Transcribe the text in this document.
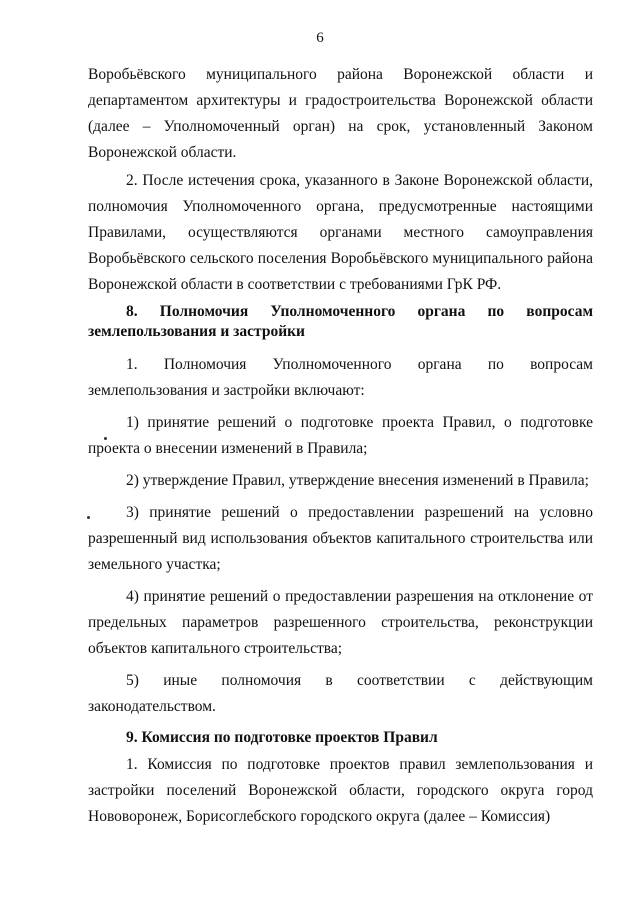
6

Воробьёвского муниципального района Воронежской области и департаментом архитектуры и градостроительства Воронежской области (далее – Уполномоченный орган) на срок, установленный Законом Воронежской области.

2. После истечения срока, указанного в Законе Воронежской области, полномочия Уполномоченного органа, предусмотренные настоящими Правилами, осуществляются органами местного самоуправления Воробьёвского сельского поселения Воробьёвского муниципального района Воронежской области в соответствии с требованиями ГрК РФ.

8. Полномочия Уполномоченного органа по вопросам землепользования и застройки

1. Полномочия Уполномоченного органа по вопросам землепользования и застройки включают:

1) принятие решений о подготовке проекта Правил, о подготовке проекта о внесении изменений в Правила;

2) утверждение Правил, утверждение внесения изменений в Правила;

3) принятие решений о предоставлении разрешений на условно разрешенный вид использования объектов капитального строительства или земельного участка;

4) принятие решений о предоставлении разрешения на отклонение от предельных параметров разрешенного строительства, реконструкции объектов капитального строительства;

5) иные полномочия в соответствии с действующим законодательством.

9. Комиссия по подготовке проектов Правил

1. Комиссия по подготовке проектов правил землепользования и застройки поселений Воронежской области, городского округа город Нововоронеж, Борисоглебского городского округа (далее – Комиссия)
